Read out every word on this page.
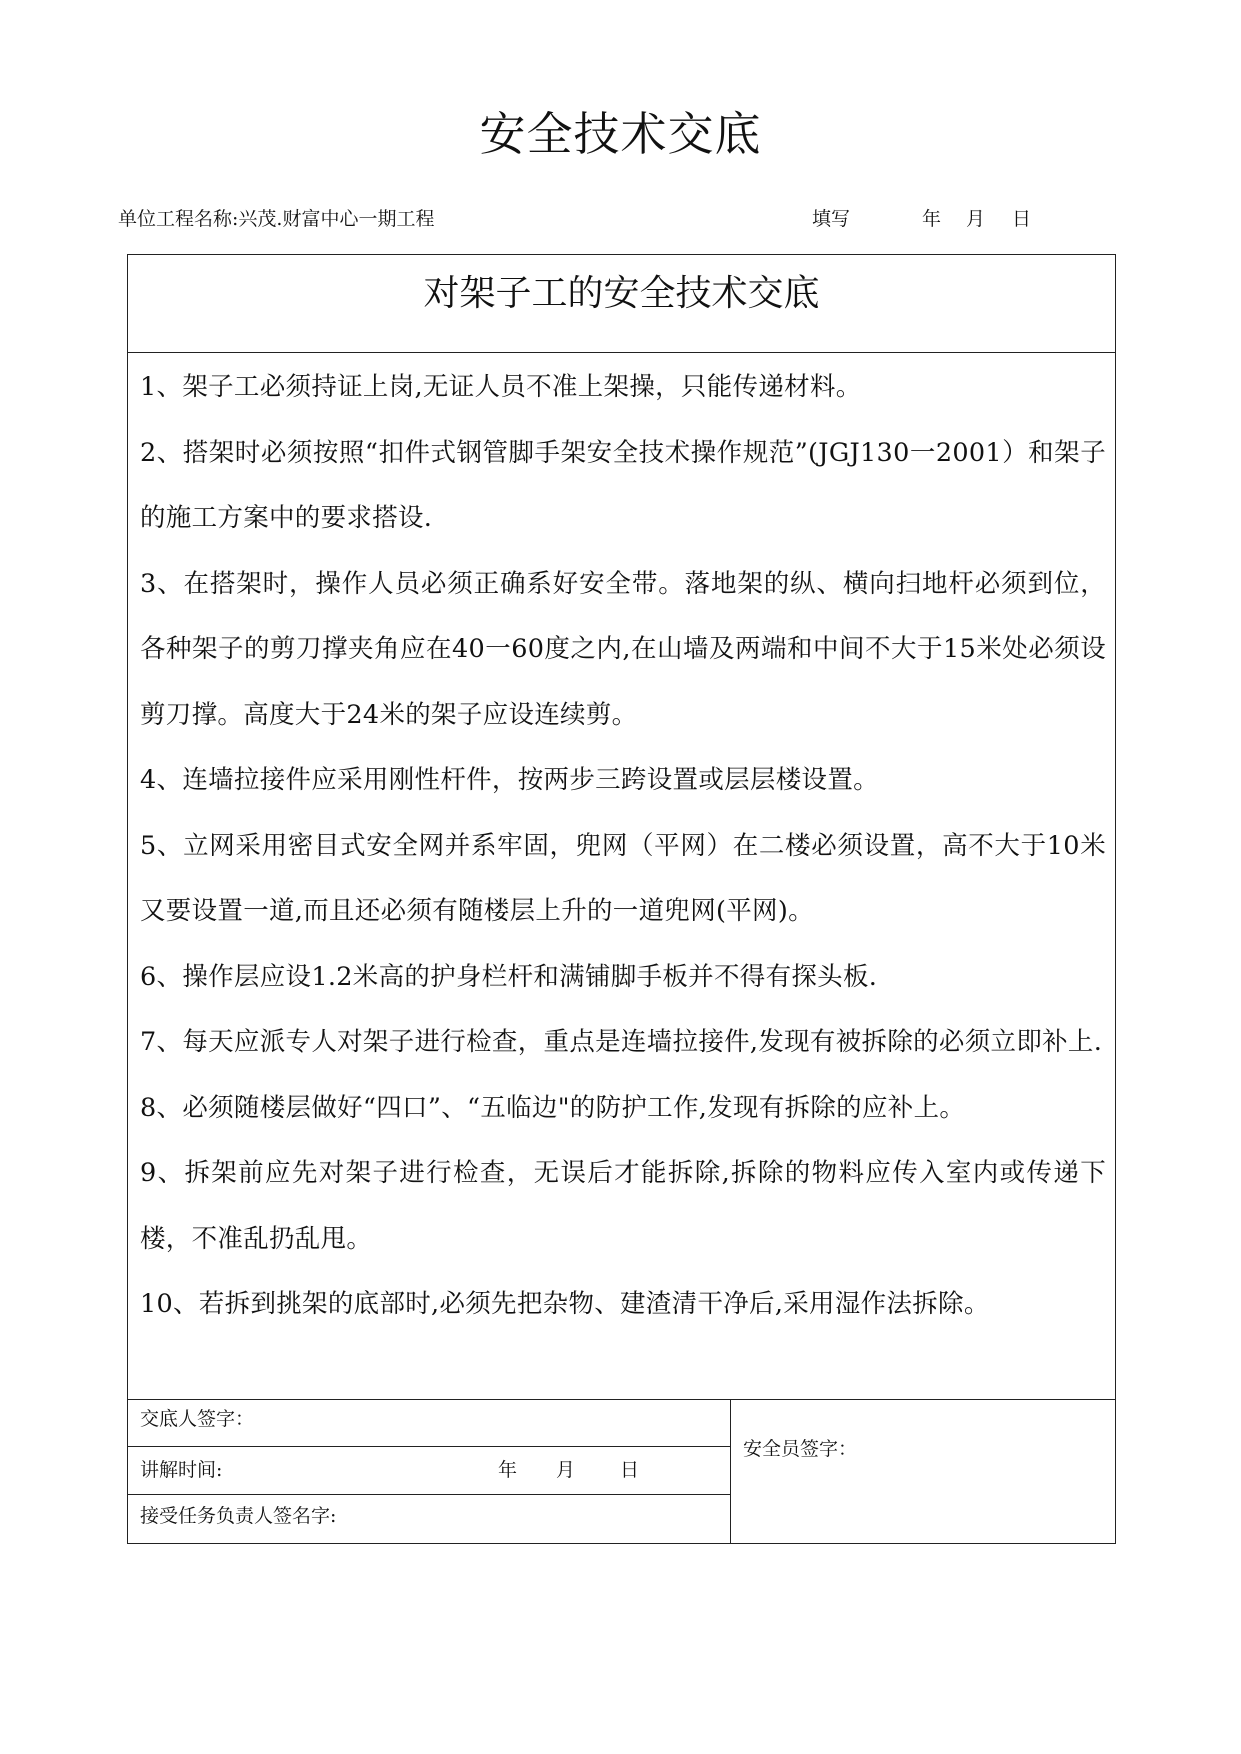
安全技术交底
单位工程名称:兴茂.财富中心一期工程	填写	年 月 日
对架子工的安全技术交底

1、架子工必须持证上岗,无证人员不准上架操，只能传递材料。

2、搭架时必须按照“扣件式钢管脚手架安全技术操作规范”(JGJ130一2001）和架子的施工方案中的要求搭设.

3、在搭架时，操作人员必须正确系好安全带。落地架的纵、横向扫地杆必须到位，各种架子的剪刀撑夹角应在40一60度之内,在山墙及两端和中间不大于15米处必须设剪刀撑。高度大于24米的架子应设连续剪。

4、连墙拉接件应采用刚性杆件，按两步三跨设置或层层楼设置。

5、立网采用密目式安全网并系牢固，兜网（平网）在二楼必须设置，高不大于10米又要设置一道,而且还必须有随楼层上升的一道兜网(平网)。

6、操作层应设1.2米高的护身栏杆和满铺脚手板并不得有探头板.

7、每天应派专人对架子进行检查，重点是连墙拉接件,发现有被拆除的必须立即补上.

8、必须随楼层做好“四口”、“五临边"的防护工作,发现有拆除的应补上。

9、拆架前应先对架子进行检查，无误后才能拆除,拆除的物料应传入室内或传递下楼，不准乱扔乱甩。

10、若拆到挑架的底部时,必须先把杂物、建渣清干净后,采用湿作法拆除。

交底人签字：
讲解时间:	年 月 日
接受任务负责人签名字:
安全员签字：
